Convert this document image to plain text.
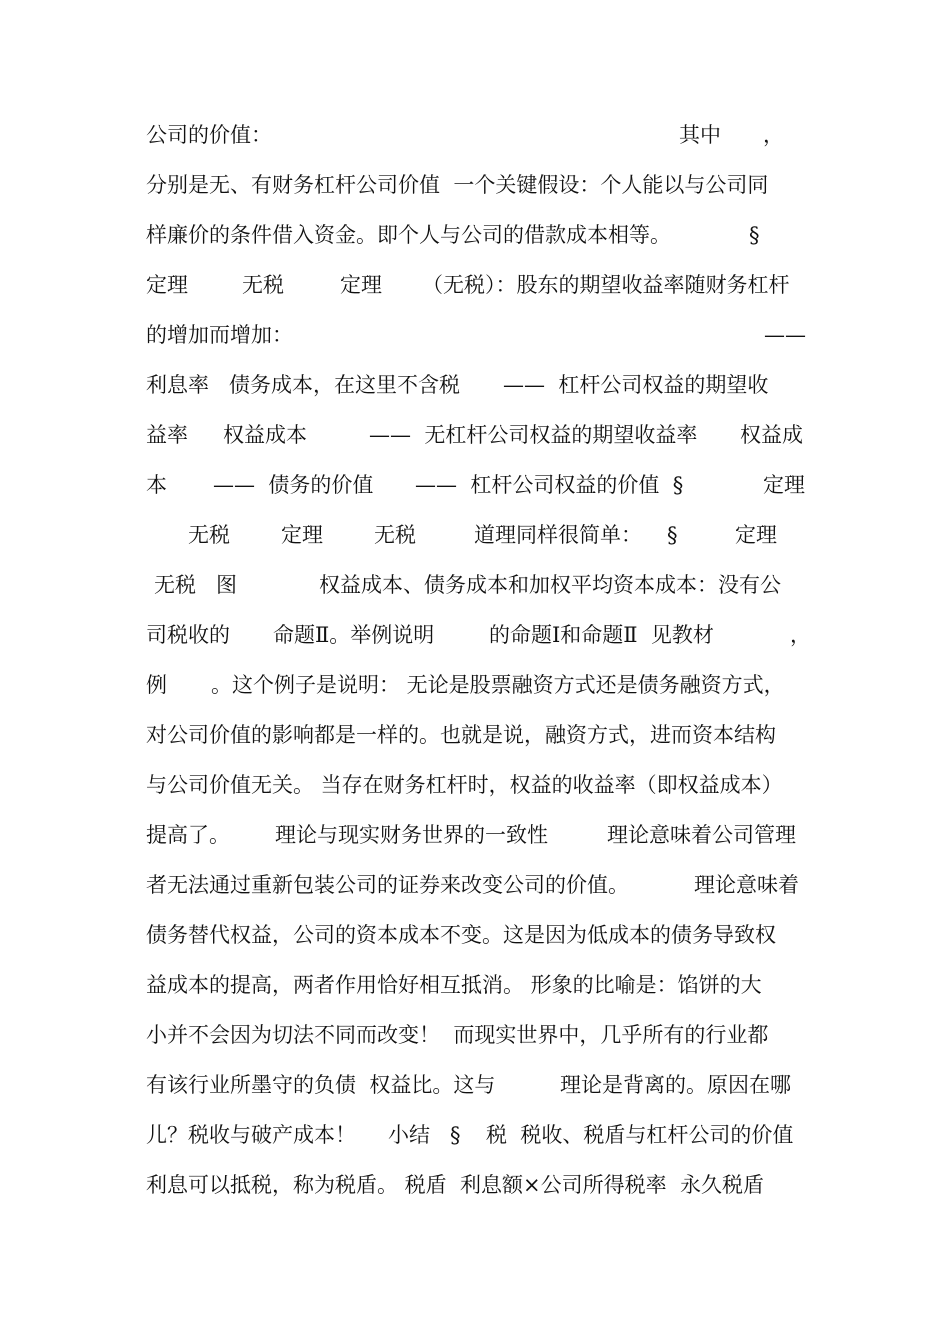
公司的价值：

	其中

，

分别是无、有财务杠杆公司价值  一个关键假设：个人能以与公司同

样廉价的条件借入资金。即个人与公司的借款成本相等。

	§

定理

	无税

	定理

（无税）：股东的期望收益率随财务杠杆

的增加而增加：

	——

利息率   债务成本，在这里不含税

——  杠杆公司权益的期望收

益率

权益成本

	——  无杠杆公司权益的期望收益率

权益成

本

——  债务的价值

——  杠杆公司权益的价值  §

	定理

无税

定理

无税

	道理同样很简单：

§

	定理

无税   图

	权益成本、债务成本和加权平均资本成本：没有公

司税收的

命题Ⅱ。举例说明

	的命题Ⅰ和命题Ⅱ  见教材

	，

例

。这个例子是说明： 无论是股票融资方式还是债务融资方式，

对公司价值的影响都是一样的。也就是说，融资方式，进而资本结构

与公司价值无关。 当存在财务杠杆时，权益的收益率（即权益成本）

提高了。

理论与现实财务世界的一致性

	理论意味着公司管理

者无法通过重新包装公司的证券来改变公司的价值。

	理论意味着

债务替代权益，公司的资本成本不变。这是因为低成本的债务导致权

益成本的提高，两者作用恰好相互抵消。 形象的比喻是：馅饼的大

小并不会因为切法不同而改变！  而现实世界中，几乎所有的行业都

有该行业所墨守的负债  权益比。这与

	理论是背离的。原因在哪

儿？税收与破产成本！

小结   §

税  税收、税盾与杠杆公司的价值

利息可以抵税，称为税盾。 税盾  利息额×公司所得税率  永久税盾
